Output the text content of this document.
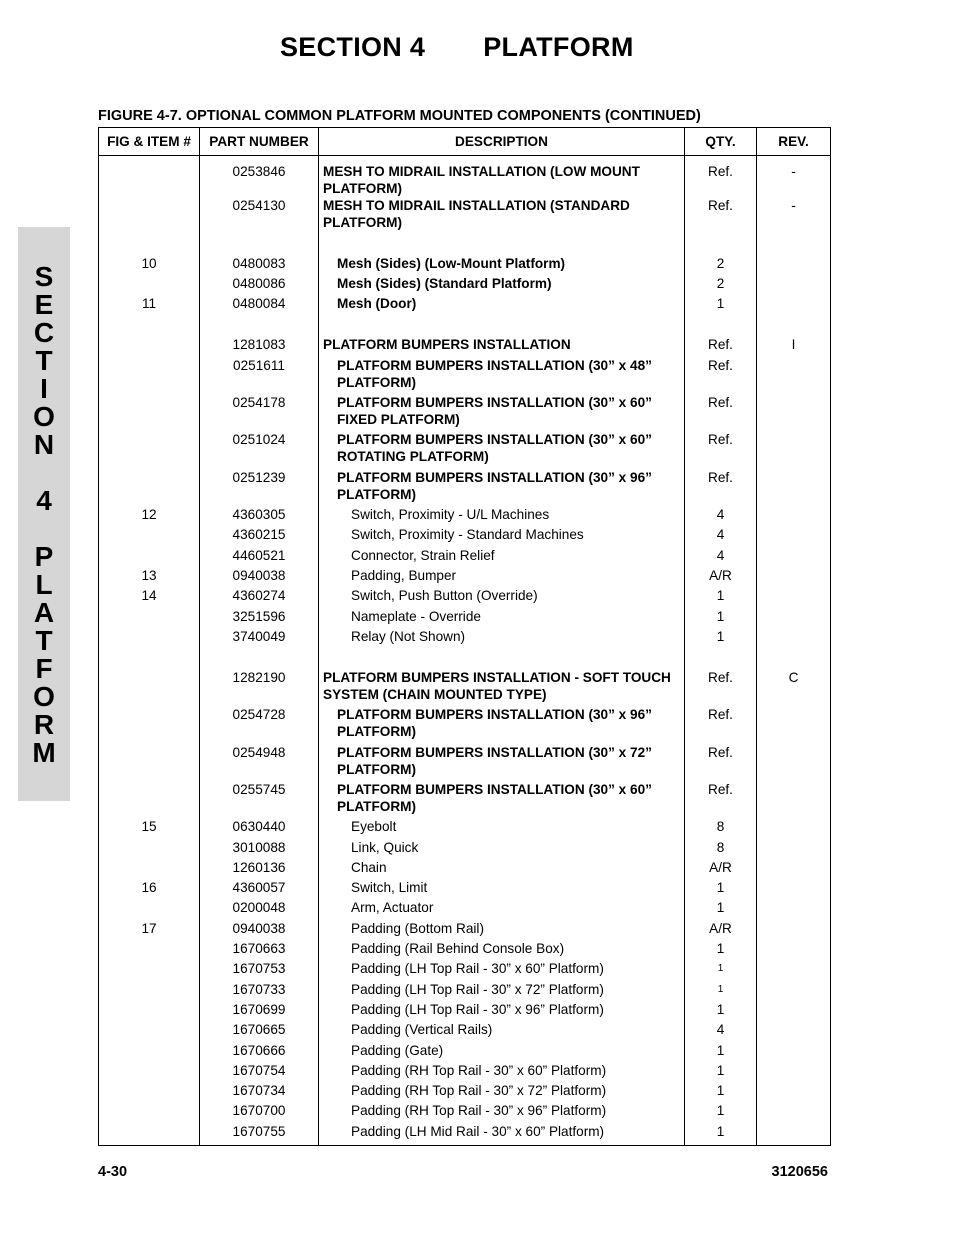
SECTION 4 PLATFORM
S
E
C
T
I
O
N
4
P
L
A
T
F
O
R
M
FIGURE 4-7. OPTIONAL COMMON PLATFORM MOUNTED COMPONENTS (CONTINUED)
FIG & ITEM #	PART NUMBER	DESCRIPTION	QTY.	REV.
	0253846	MESH TO MIDRAIL INSTALLATION (LOW MOUNT PLATFORM)	Ref.	-
	0254130	MESH TO MIDRAIL INSTALLATION (STANDARD PLATFORM)	Ref.	-

10	0480083	Mesh (Sides) (Low-Mount Platform)	2	
	0480086	Mesh (Sides) (Standard Platform)	2	
11	0480084	Mesh (Door)	1	

	1281083	PLATFORM BUMPERS INSTALLATION	Ref.	I
	0251611	PLATFORM BUMPERS INSTALLATION (30” x 48” PLATFORM)	Ref.	
	0254178	PLATFORM BUMPERS INSTALLATION (30” x 60” FIXED PLATFORM)	Ref.	
	0251024	PLATFORM BUMPERS INSTALLATION (30” x 60” ROTATING PLATFORM)	Ref.	
	0251239	PLATFORM BUMPERS INSTALLATION (30” x 96” PLATFORM)	Ref.	
12	4360305	Switch, Proximity - U/L Machines	4	
	4360215	Switch, Proximity - Standard Machines	4	
	4460521	Connector, Strain Relief	4	
13	0940038	Padding, Bumper	A/R	
14	4360274	Switch, Push Button (Override)	1	
	3251596	Nameplate - Override	1	
	3740049	Relay (Not Shown)	1	

	1282190	PLATFORM BUMPERS INSTALLATION - SOFT TOUCH SYSTEM (CHAIN MOUNTED TYPE)	Ref.	C
	0254728	PLATFORM BUMPERS INSTALLATION (30” x 96” PLATFORM)	Ref.	
	0254948	PLATFORM BUMPERS INSTALLATION (30” x 72” PLATFORM)	Ref.	
	0255745	PLATFORM BUMPERS INSTALLATION (30” x 60” PLATFORM)	Ref.	
15	0630440	Eyebolt	8	
	3010088	Link, Quick	8	
	1260136	Chain	A/R	
16	4360057	Switch, Limit	1	
	0200048	Arm, Actuator	1	
17	0940038	Padding (Bottom Rail)	A/R	
	1670663	Padding (Rail Behind Console Box)	1	
	1670753	Padding (LH Top Rail - 30” x 60” Platform)	1	
	1670733	Padding (LH Top Rail - 30” x 72” Platform)	1	
	1670699	Padding (LH Top Rail - 30” x 96” Platform)	1	
	1670665	Padding (Vertical Rails)	4	
	1670666	Padding (Gate)	1	
	1670754	Padding (RH Top Rail - 30” x 60” Platform)	1	
	1670734	Padding (RH Top Rail - 30” x 72” Platform)	1	
	1670700	Padding (RH Top Rail - 30” x 96” Platform)	1	
	1670755	Padding (LH Mid Rail - 30” x 60” Platform)	1	
4-30	3120656
